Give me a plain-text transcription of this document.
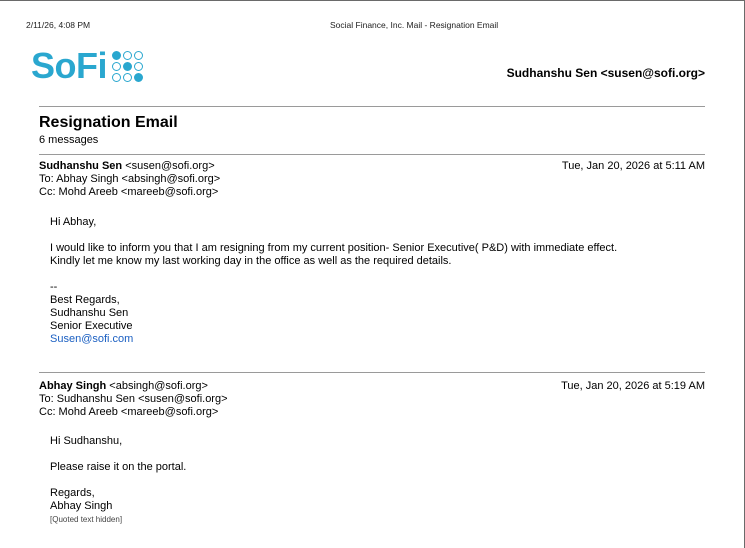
2/11/26, 4:08 PM	Social Finance, Inc. Mail - Resignation Email
SoFi	Sudhanshu Sen <susen@sofi.org>
Resignation Email
6 messages
Sudhanshu Sen <susen@sofi.org>	Tue, Jan 20, 2026 at 5:11 AM
To: Abhay Singh <absingh@sofi.org>
Cc: Mohd Areeb <mareeb@sofi.org>

Hi Abhay,

I would like to inform you that I am resigning from my current position- Senior Executive( P&D) with immediate effect.

Kindly let me know my last working day in the office as well as the required details.

--

Best Regards,

Sudhanshu Sen

Senior Executive

Susen@sofi.com

Abhay Singh <absingh@sofi.org>	Tue, Jan 20, 2026 at 5:19 AM
To: Sudhanshu Sen <susen@sofi.org>
Cc: Mohd Areeb <mareeb@sofi.org>

Hi Sudhanshu,

Please raise it on the portal.

Regards,

Abhay Singh

[Quoted text hidden]
